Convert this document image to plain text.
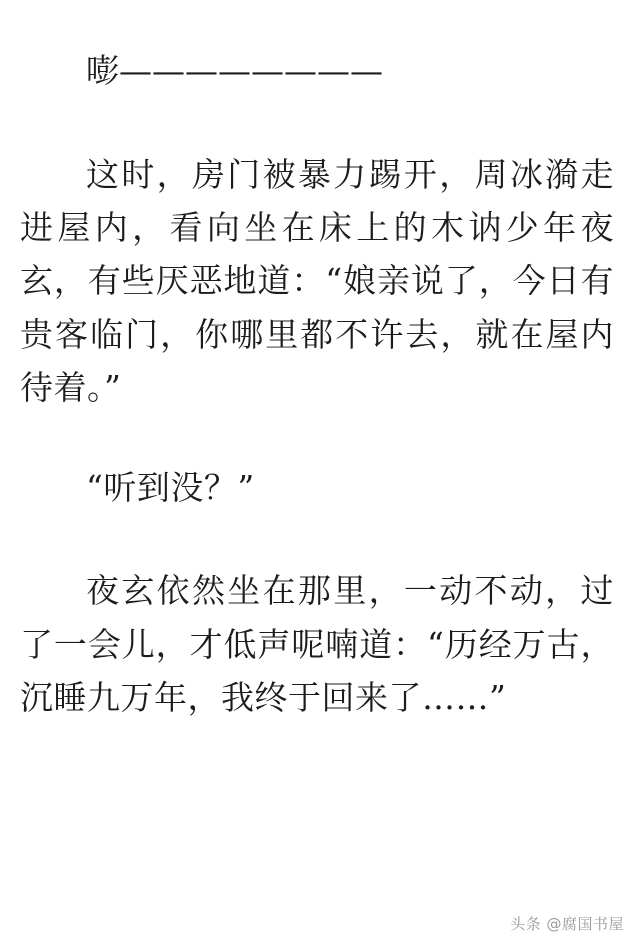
嘭————————

这时，房门被暴力踢开，周冰漪走进屋内，看向坐在床上的木讷少年夜玄，有些厌恶地道：“娘亲说了，今日有贵客临门，你哪里都不许去，就在屋内待着。”

“听到没？”

夜玄依然坐在那里，一动不动，过了一会儿，才低声呢喃道：“历经万古，沉睡九万年，我终于回来了……”

头条 @腐国书屋
